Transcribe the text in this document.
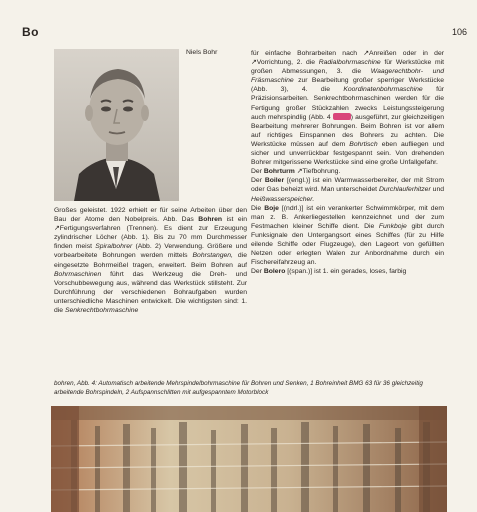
Bo	106
Niels Bohr

Großes geleistet. 1922 erhielt er für seine Arbeiten über den Bau der Atome den Nobelpreis. Abb. Das Bohren ist ein ↗Fertigungsverfahren (Trennen). Es dient zur Erzeugung zylindrischer Löcher (Abb. 1). Bis zu 70 mm Durchmesser finden meist Spiralbohrer (Abb. 2) Verwendung. Größere und vorbearbeitete Bohrungen werden mittels Bohrstangen, die eingesetzte Bohrmeißel tragen, erweitert. Beim Bohren auf Bohrmaschinen führt das Werkzeug die Dreh- und Vorschubbewegung aus, während das Werkstück stillsteht. Zur Durchführung der verschiedenen Bohraufgaben wurden unterschiedliche Maschinen entwickelt. Die wichtigsten sind: 1. die Senkrechtbohrmaschine

für einfache Bohrarbeiten nach ↗Anreißen oder in der ↗Vorrichtung, 2. die Radialbohrmaschine für Werkstücke mit großen Abmessungen, 3. die Waagerechtbohr- und Fräsmaschine zur Bearbeitung großer sperriger Werkstücke (Abb. 3), 4. die Koordinatenbohrmaschine für Präzisionsarbeiten. Senkrechtbohrmaschinen werden für die Fertigung großer Stückzahlen zwecks Leistungssteigerung auch mehrspindlig (Abb. 4	) ausgeführt, zur gleichzeitigen Bearbeitung mehrerer Bohrungen. Beim Bohren ist vor allem auf richtiges Einspannen des Bohrers zu achten. Die Werkstücke müssen auf dem Bohrtisch eben aufliegen und sicher und unverrückbar festgespannt sein. Von drehenden Bohrer mitgerissene Werkstücke sind eine große Unfallgefahr.

Der Bohrturm ↗Tiefbohrung.

Der Boiler [(engl.)] ist ein Warmwasserbereiter, der mit Strom oder Gas beheizt wird. Man unterscheidet Durchlauferhitzer und Heißwasserspeicher.

Die Boje [(ndrl.)] ist ein verankerter Schwimmkörper, mit dem man z. B. Ankerliegestellen kennzeichnet und der zum Festmachen kleiner Schiffe dient. Die Funkboje gibt durch Funksignale den Untergangsort eines Schiffes (für zu Hilfe eilende Schiffe oder Flugzeuge), den Lageort von gefüllten Netzen oder erlegten Walen zur Anbordnahme durch ein Fischereifahrzeug an.

Der Bolero [(span.)] ist 1. ein gerades, loses, farbig

bohren, Abb. 4: Automatisch arbeitende Mehrspindelbohrmaschine für Bohren und Senken, 1 Bohreinheit BMG 63 für 36 gleichzeitig arbeitende Bohrspindeln, 2 Aufspannschlitten mit aufgespanntem Motorblock
